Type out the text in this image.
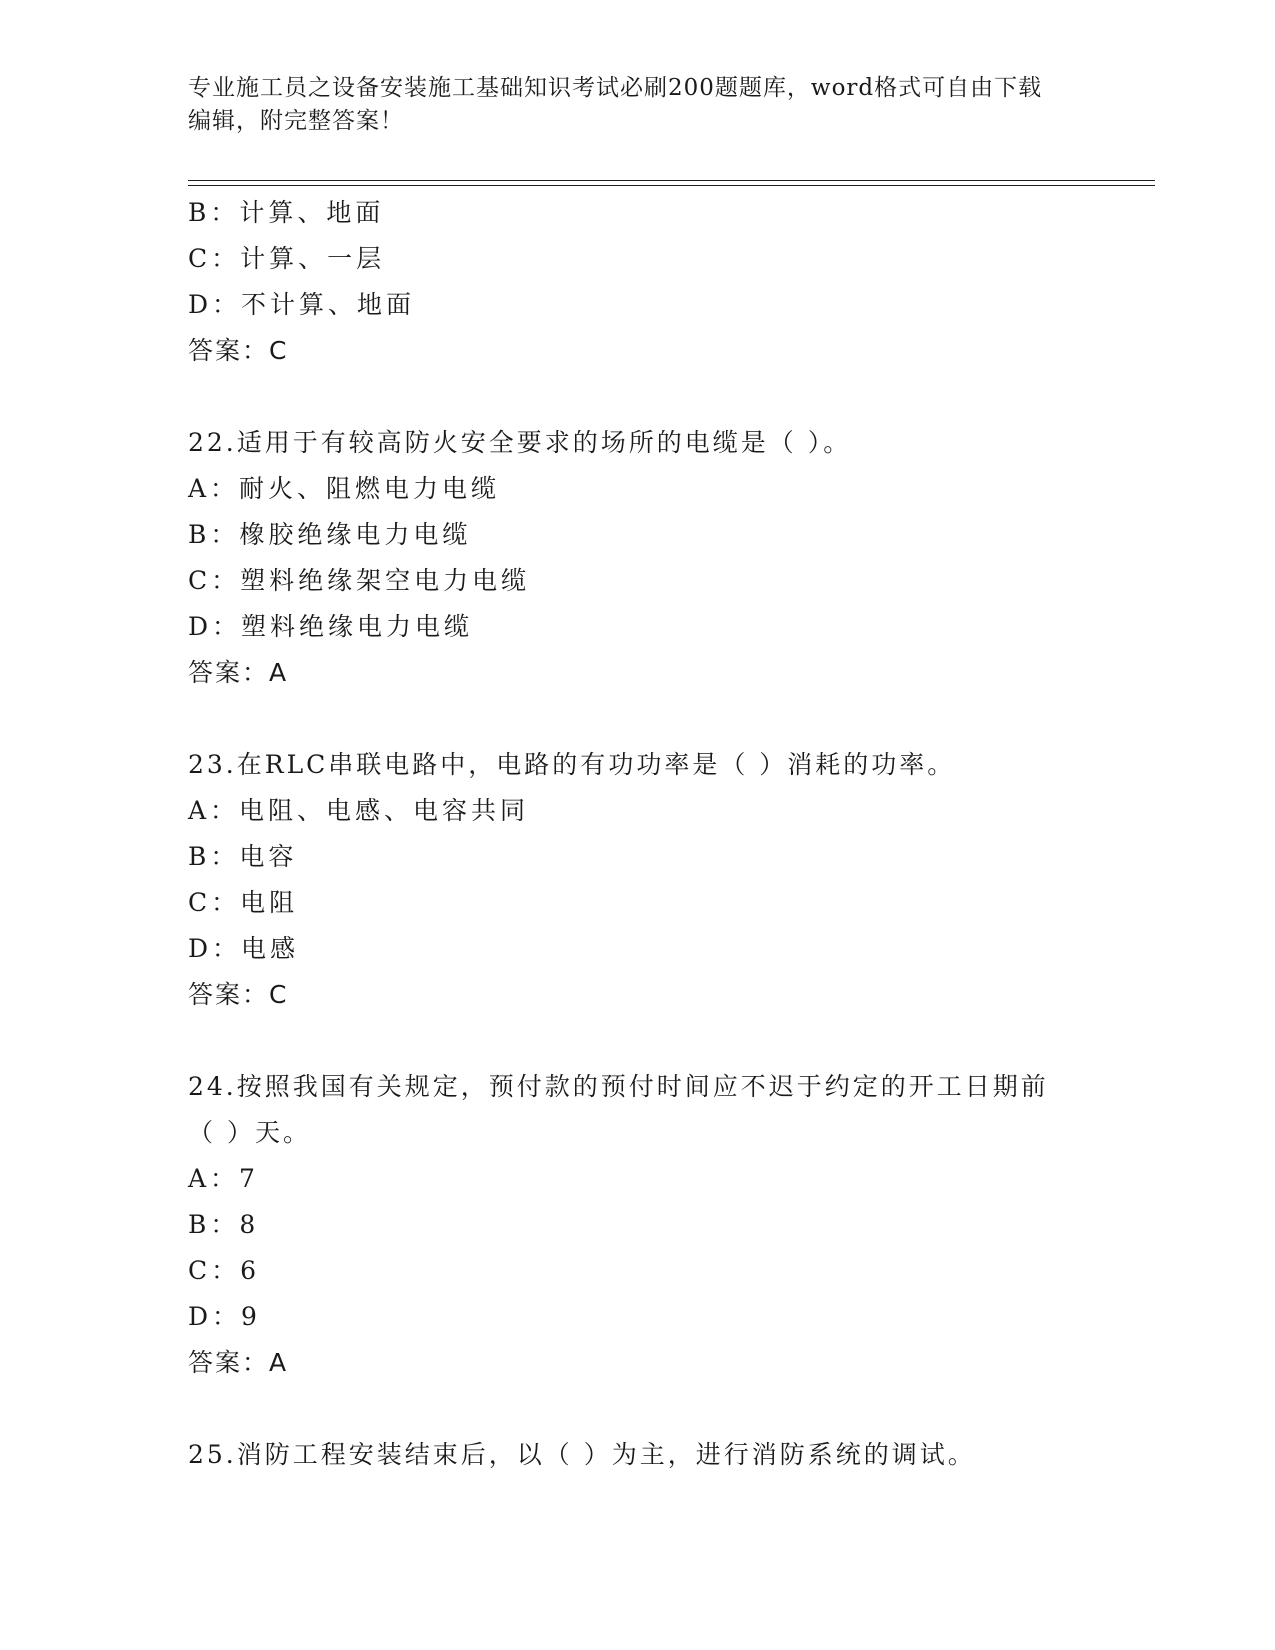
专业施工员之设备安装施工基础知识考试必刷200题题库，word格式可自由下载
编辑，附完整答案！
B：计算、地面
C：计算、一层
D：不计算、地面
答案：C
22.适用于有较高防火安全要求的场所的电缆是（ ）。
A：耐火、阻燃电力电缆
B：橡胶绝缘电力电缆
C：塑料绝缘架空电力电缆
D：塑料绝缘电力电缆
答案：A
23.在RLC串联电路中，电路的有功功率是（ ）消耗的功率。
A：电阻、电感、电容共同
B：电容
C：电阻
D：电感
答案：C
24.按照我国有关规定，预付款的预付时间应不迟于约定的开工日期前
（ ）天。
A：7
B：8
C：6
D：9
答案：A
25.消防工程安装结束后，以（ ）为主，进行消防系统的调试。
